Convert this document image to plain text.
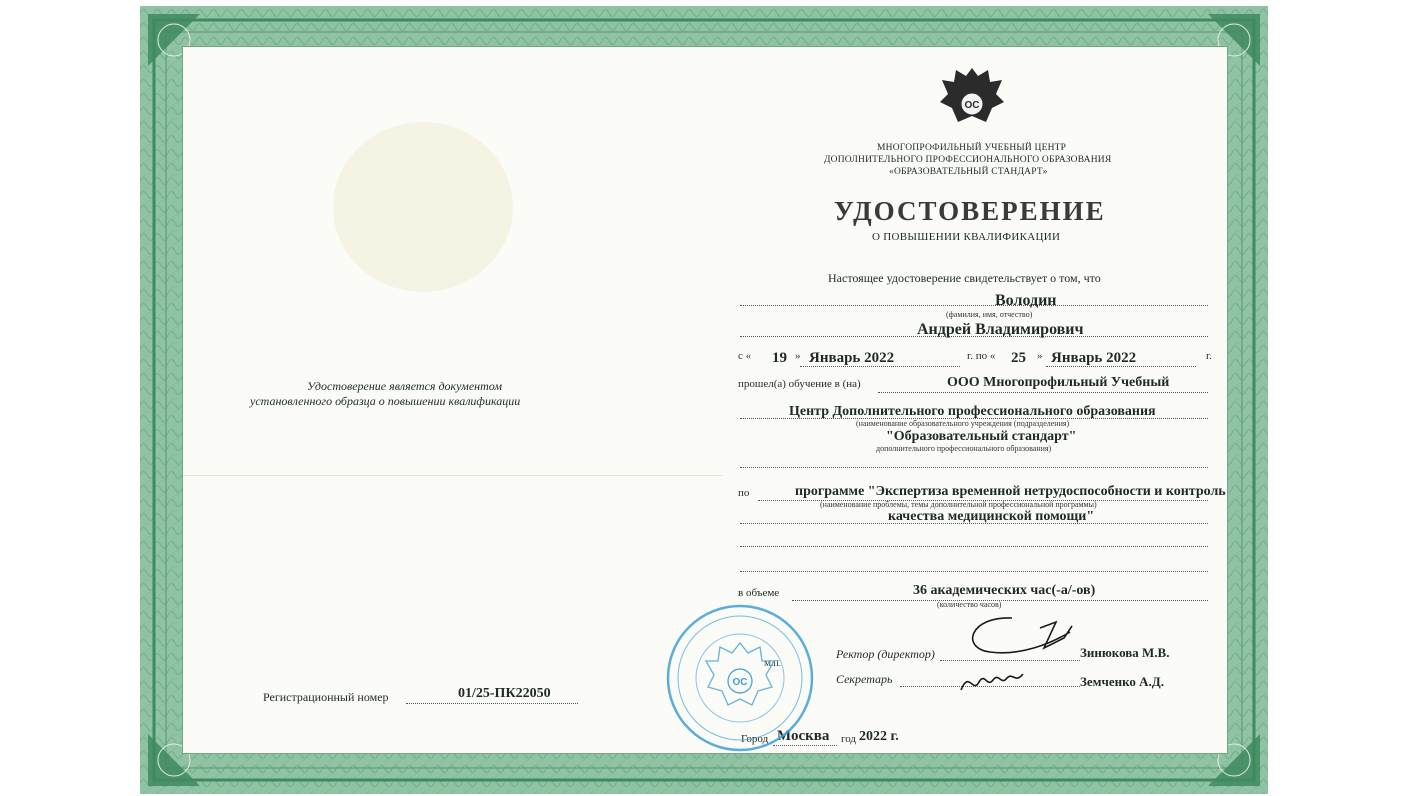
ОС
МНОГОПРОФИЛЬНЫЙ УЧЕБНЫЙ ЦЕНТР
ДОПОЛНИТЕЛЬНОГО ПРОФЕССИОНАЛЬНОГО ОБРАЗОВАНИЯ
«ОБРАЗОВАТЕЛЬНЫЙ СТАНДАРТ»
УДОСТОВЕРЕНИЕ
О ПОВЫШЕНИИ КВАЛИФИКАЦИИ
Настоящее удостоверение свидетельствует о том, что
Володин
(фамилия, имя, отчество)
Андрей Владимирович
с « 19 » Январь 2022	г. по « 25 » Январь 2022	г.
прошел(а) обучение в (на)	ООО Многопрофильный Учебный
Центр Дополнительного профессионального образования
(наименование образовательного учреждения (подразделения)
"Образовательный стандарт"
дополнительного профессионального образования)
по	программе "Экспертиза временной нетрудоспособности и контроль
(наименование проблемы, темы дополнительной профессиональной программы)
качества медицинской помощи"
в объеме	36 академических час(-а/-ов)
(количество часов)
Ректор (директор)	Зинюкова М.В.
Секретарь	Земченко А.Д.
М.П.
Город Москва год 2022 г.
Удостоверение является документом
установленного образца о повышении квалификации
Регистрационный номер	01/25-ПК22050
ОС
